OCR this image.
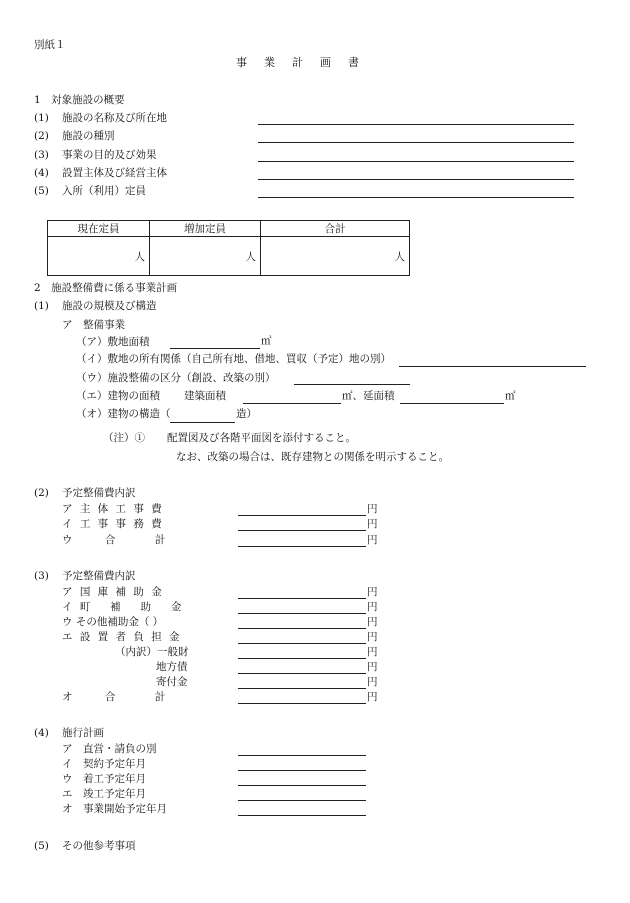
別紙１
事　業　計　画　書
1　対象施設の概要
(1) 施設の名称及び所在地
(2) 施設の種別
(3) 事業の目的及び効果
(4) 設置主体及び経営主体
(5) 入所（利用）定員
現在定員	増加定員	合計
人	人	人
2　施設整備費に係る事業計画
(1) 施設の規模及び構造
ア　整備事業
（ア）敷地面積	㎡
（イ）敷地の所有関係（自己所有地、借地、買収（予定）地の別）
（ウ）施設整備の区分（創設、改築の別）
（エ）建物の面積 建築面積	㎡、延面積	㎡
（オ）建物の構造（	造）
（注）① 配置図及び各階平面図を添付すること。
なお、改築の場合は、既存建物との関係を明示すること。
(2) 予定整備費内訳
ア 主 体 工 事 費	円
イ 工 事 事 務 費	円
ウ　　 合　　　計	円
(3) 予定整備費内訳
ア 国 庫 補 助 金	円
イ 町　 補　 助　 金	円
ウ その他補助金（ ）	円
エ 設 置 者 負 担 金	円
（内訳）一般財	円
地方債	円
寄付金	円
オ　　 合　　　計	円
(4) 施行計画
ア　直営・請負の別
イ　契約予定年月
ウ　着工予定年月
エ　竣工予定年月
オ　事業開始予定年月
(5) その他参考事項
